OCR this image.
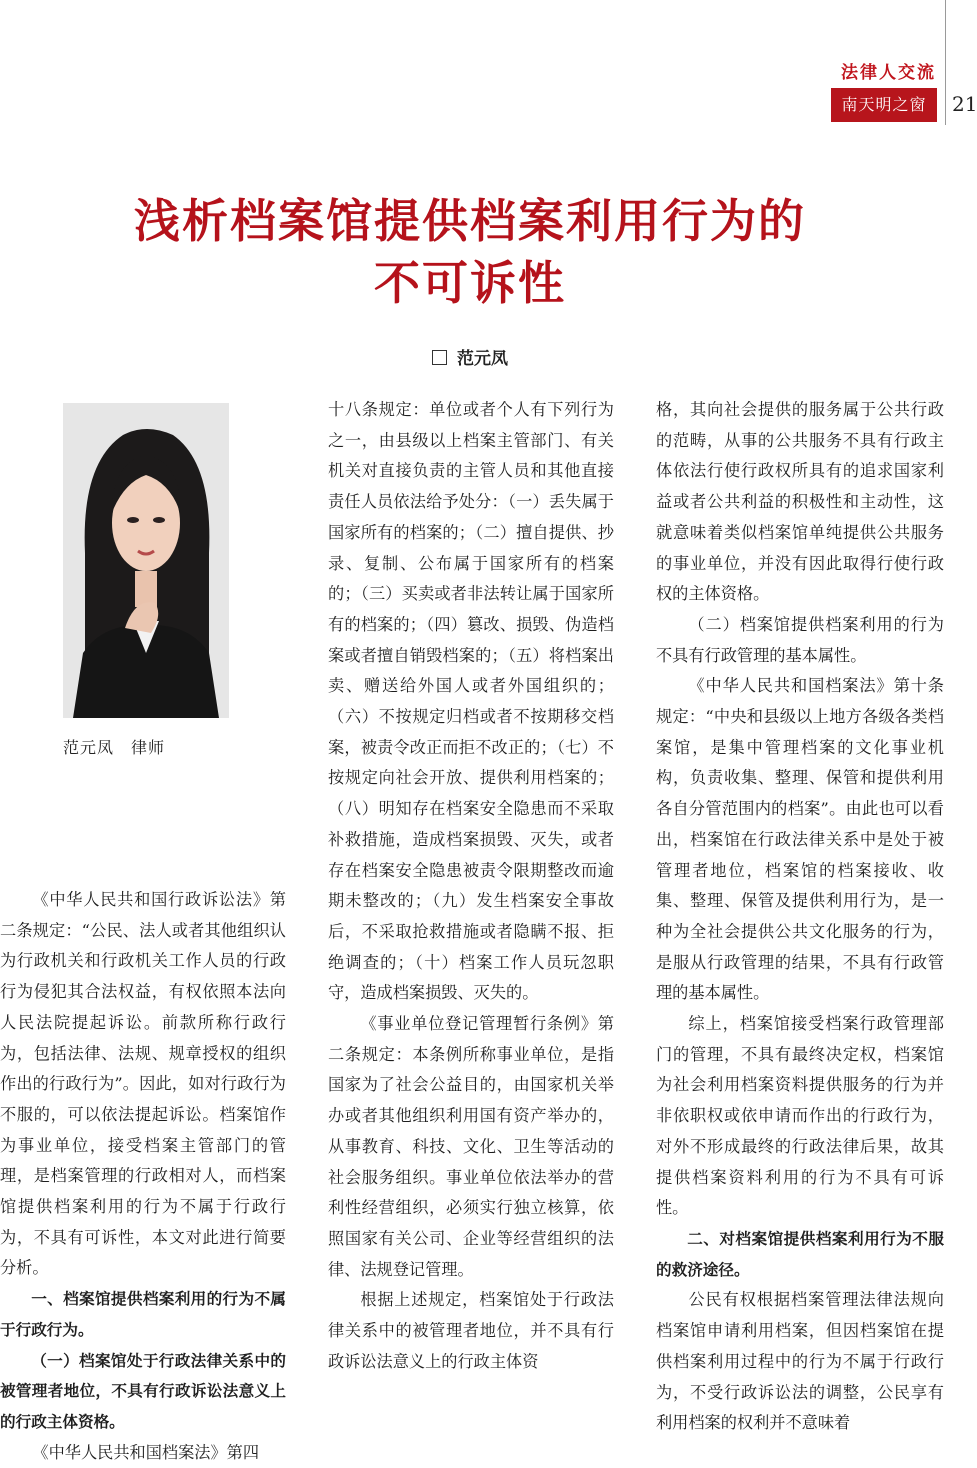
法律人交流
南天明之窗	21
浅析档案馆提供档案利用行为的
不可诉性
范元凤
范元凤　律师

《中华人民共和国行政诉讼法》第二条规定：“公民、法人或者其他组织认为行政机关和行政机关工作人员的行政行为侵犯其合法权益，有权依照本法向人民法院提起诉讼。前款所称行政行为，包括法律、法规、规章授权的组织作出的行政行为”。因此，如对行政行为不服的，可以依法提起诉讼。档案馆作为事业单位，接受档案主管部门的管理，是档案管理的行政相对人，而档案馆提供档案利用的行为不属于行政行为，不具有可诉性，本文对此进行简要分析。

一、档案馆提供档案利用的行为不属于行政行为。

（一）档案馆处于行政法律关系中的被管理者地位，不具有行政诉讼法意义上的行政主体资格。

《中华人民共和国档案法》第四

十八条规定：单位或者个人有下列行为之一，由县级以上档案主管部门、有关机关对直接负责的主管人员和其他直接责任人员依法给予处分：（一）丢失属于国家所有的档案的；（二）擅自提供、抄录、复制、公布属于国家所有的档案的；（三）买卖或者非法转让属于国家所有的档案的；（四）篡改、损毁、伪造档案或者擅自销毁档案的；（五）将档案出卖、赠送给外国人或者外国组织的；（六）不按规定归档或者不按期移交档案，被责令改正而拒不改正的；（七）不按规定向社会开放、提供利用档案的；（八）明知存在档案安全隐患而不采取补救措施，造成档案损毁、灭失，或者存在档案安全隐患被责令限期整改而逾期未整改的；（九）发生档案安全事故后，不采取抢救措施或者隐瞒不报、拒绝调查的；（十）档案工作人员玩忽职守，造成档案损毁、灭失的。

《事业单位登记管理暂行条例》第二条规定：本条例所称事业单位，是指国家为了社会公益目的，由国家机关举办或者其他组织利用国有资产举办的，从事教育、科技、文化、卫生等活动的社会服务组织。事业单位依法举办的营利性经营组织，必须实行独立核算，依照国家有关公司、企业等经营组织的法律、法规登记管理。

根据上述规定，档案馆处于行政法律关系中的被管理者地位，并不具有行政诉讼法意义上的行政主体资

格，其向社会提供的服务属于公共行政的范畴，从事的公共服务不具有行政主体依法行使行政权所具有的追求国家利益或者公共利益的积极性和主动性，这就意味着类似档案馆单纯提供公共服务的事业单位，并没有因此取得行使行政权的主体资格。

（二）档案馆提供档案利用的行为不具有行政管理的基本属性。

《中华人民共和国档案法》第十条规定：“中央和县级以上地方各级各类档案馆，是集中管理档案的文化事业机构，负责收集、整理、保管和提供利用各自分管范围内的档案”。由此也可以看出，档案馆在行政法律关系中是处于被管理者地位，档案馆的档案接收、收集、整理、保管及提供利用行为，是一种为全社会提供公共文化服务的行为，是服从行政管理的结果，不具有行政管理的基本属性。

综上，档案馆接受档案行政管理部门的管理，不具有最终决定权，档案馆为社会利用档案资料提供服务的行为并非依职权或依申请而作出的行政行为，对外不形成最终的行政法律后果，故其提供档案资料利用的行为不具有可诉性。

二、对档案馆提供档案利用行为不服的救济途径。

公民有权根据档案管理法律法规向档案馆申请利用档案，但因档案馆在提供档案利用过程中的行为不属于行政行为，不受行政诉讼法的调整，公民享有利用档案的权利并不意味着
